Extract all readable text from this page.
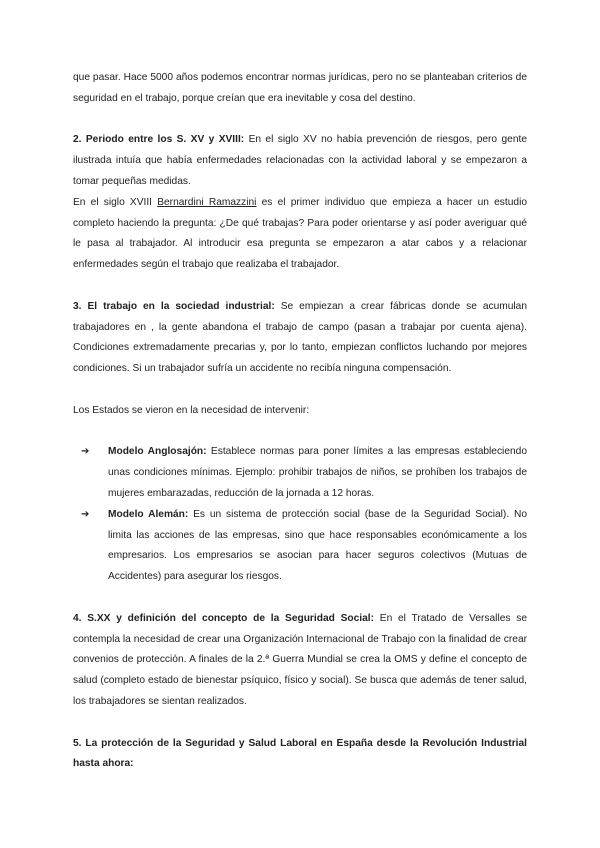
que pasar. Hace 5000 años podemos encontrar normas jurídicas, pero no se planteaban criterios de seguridad en el trabajo, porque creían que era inevitable y cosa del destino.

2. Periodo entre los S. XV y XVIII: En el siglo XV no había prevención de riesgos, pero gente ilustrada intuía que había enfermedades relacionadas con la actividad laboral y se empezaron a tomar pequeñas medidas.

En el siglo XVIII Bernardini Ramazzini es el primer individuo que empieza a hacer un estudio completo haciendo la pregunta: ¿De qué trabajas? Para poder orientarse y así poder averiguar qué le pasa al trabajador. Al introducir esa pregunta se empezaron a atar cabos y a relacionar enfermedades según el trabajo que realizaba el trabajador.

3. El trabajo en la sociedad industrial: Se empiezan a crear fábricas donde se acumulan trabajadores en , la gente abandona el trabajo de campo (pasan a trabajar por cuenta ajena). Condiciones extremadamente precarias y, por lo tanto, empiezan conflictos luchando por mejores condiciones. Si un trabajador sufría un accidente no recibía ninguna compensación.

Los Estados se vieron en la necesidad de intervenir:

➔ Modelo Anglosajón: Establece normas para poner límites a las empresas estableciendo unas condiciones mínimas. Ejemplo: prohibir trabajos de niños, se prohíben los trabajos de mujeres embarazadas, reducción de la jornada a 12 horas.
➔ Modelo Alemán: Es un sistema de protección social (base de la Seguridad Social). No limita las acciones de las empresas, sino que hace responsables económicamente a los empresarios. Los empresarios se asocian para hacer seguros colectivos (Mutuas de Accidentes) para asegurar los riesgos.

4. S.XX y definición del concepto de la Seguridad Social: En el Tratado de Versalles se contempla la necesidad de crear una Organización Internacional de Trabajo con la finalidad de crear convenios de protección. A finales de la 2.ª Guerra Mundial se crea la OMS y define el concepto de salud (completo estado de bienestar psíquico, físico y social). Se busca que además de tener salud, los trabajadores se sientan realizados.

5. La protección de la Seguridad y Salud Laboral en España desde la Revolución Industrial hasta ahora:
